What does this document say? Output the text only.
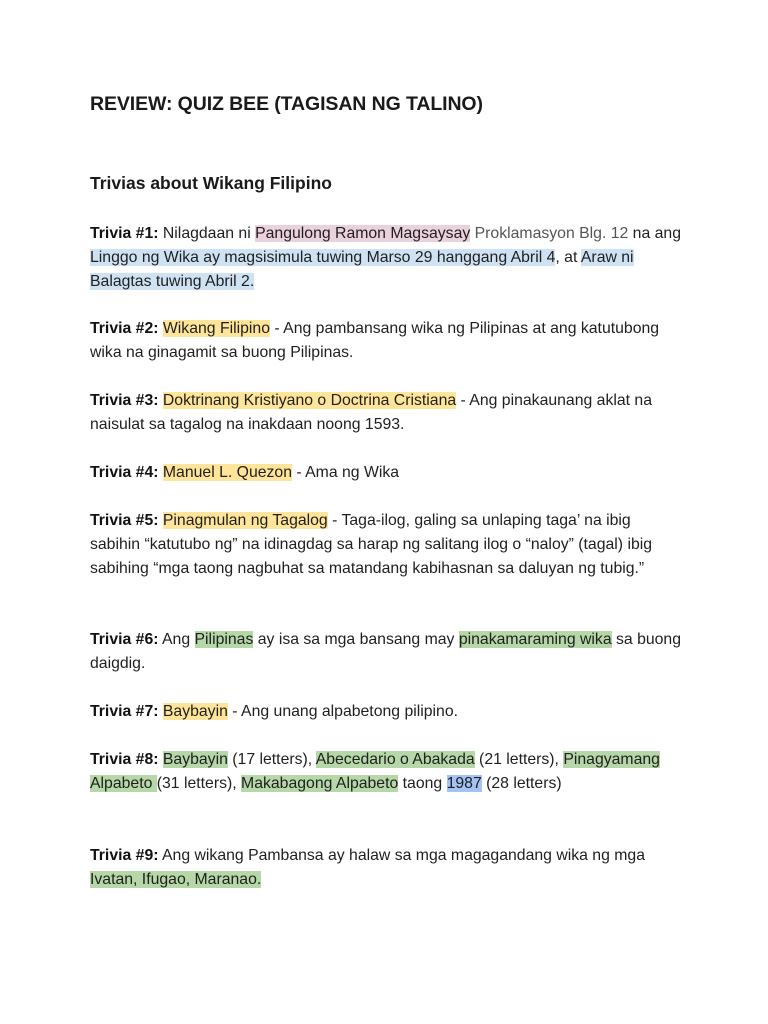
REVIEW: QUIZ BEE (TAGISAN NG TALINO)
Trivias about Wikang Filipino

Trivia #1: Nilagdaan ni Pangulong Ramon Magsaysay Proklamasyon Blg. 12 na ang Linggo ng Wika ay magsisimula tuwing Marso 29 hanggang Abril 4, at Araw ni Balagtas tuwing Abril 2.

Trivia #2: Wikang Filipino - Ang pambansang wika ng Pilipinas at ang katutubong wika na ginagamit sa buong Pilipinas.

Trivia #3: Doktrinang Kristiyano o Doctrina Cristiana - Ang pinakaunang aklat na naisulat sa tagalog na inakdaan noong 1593.

Trivia #4: Manuel L. Quezon - Ama ng Wika

Trivia #5: Pinagmulan ng Tagalog - Taga-ilog, galing sa unlaping taga’ na ibig sabihin “katutubo ng” na idinagdag sa harap ng salitang ilog o “naloy” (tagal) ibig sabihing “mga taong nagbuhat sa matandang kabihasnan sa daluyan ng tubig.”

Trivia #6: Ang Pilipinas ay isa sa mga bansang may pinakamaraming wika sa buong daigdig.

Trivia #7: Baybayin - Ang unang alpabetong pilipino.

Trivia #8: Baybayin (17 letters), Abecedario o Abakada (21 letters), Pinagyamang Alpabeto (31 letters), Makabagong Alpabeto taong 1987 (28 letters)

Trivia #9: Ang wikang Pambansa ay halaw sa mga magagandang wika ng mga Ivatan, Ifugao, Maranao.
